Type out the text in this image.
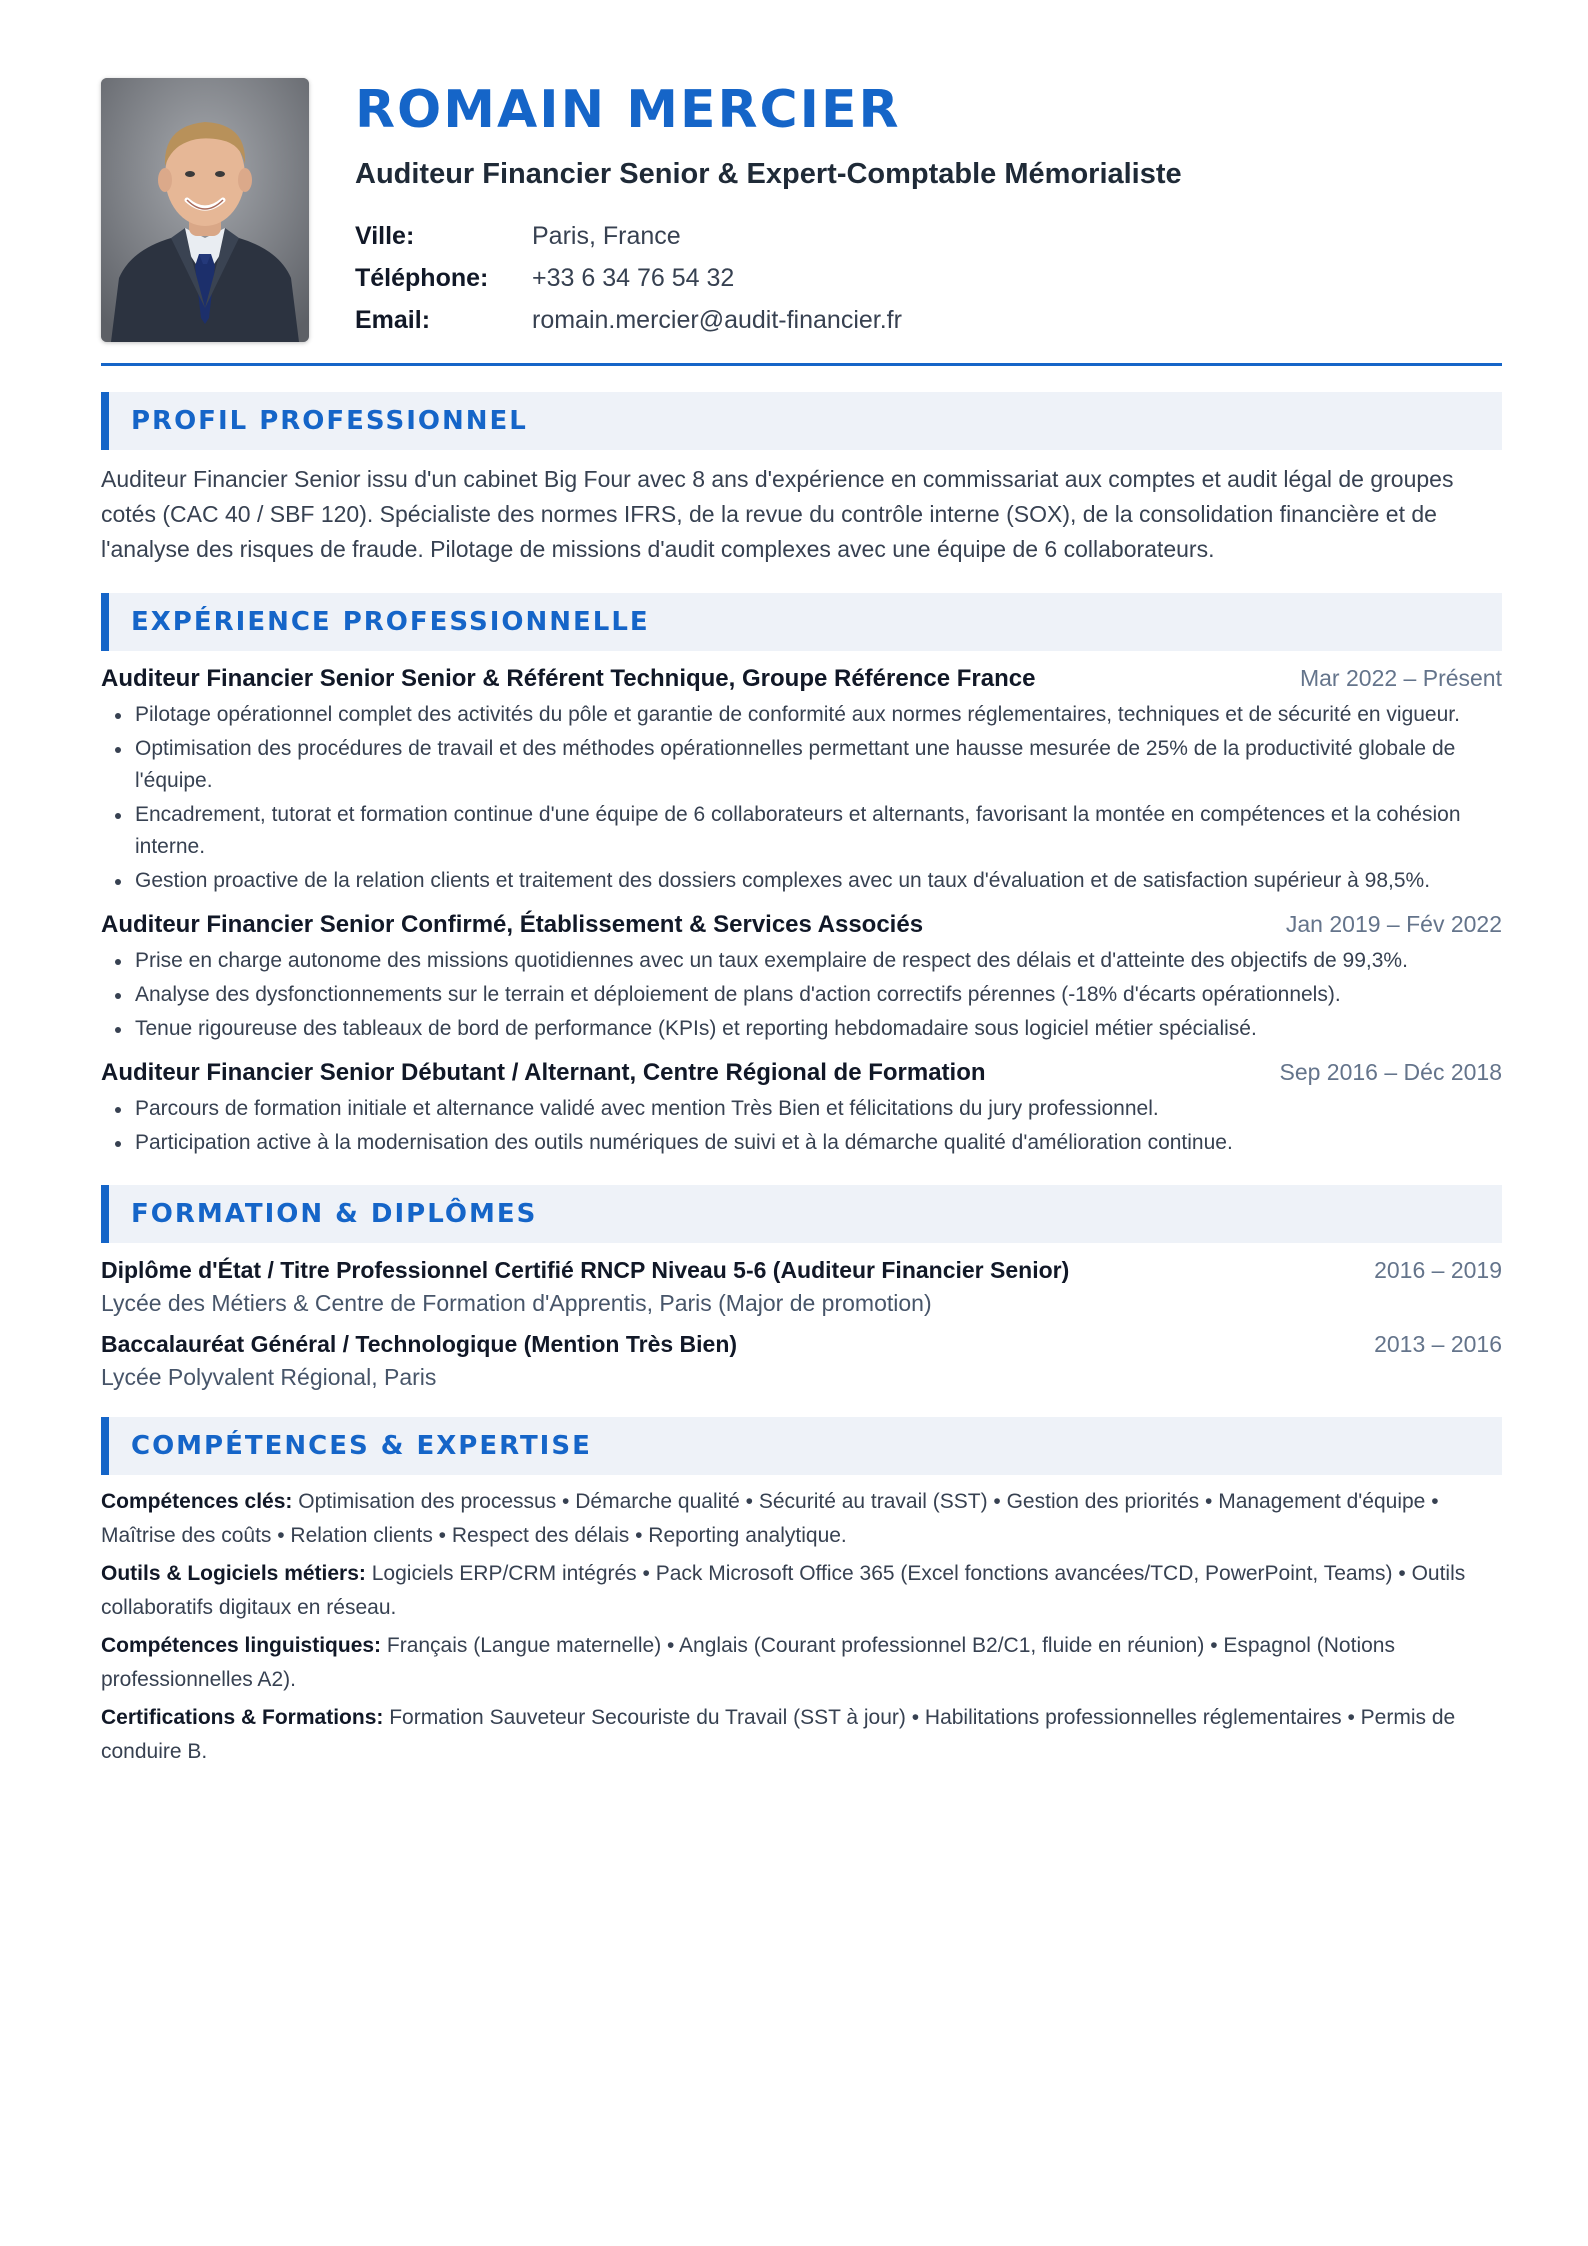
ROMAIN MERCIER
Auditeur Financier Senior & Expert-Comptable Mémorialiste
Ville:	Paris, France
Téléphone:	+33 6 34 76 54 32
Email:	romain.mercier@audit-financier.fr
PROFIL PROFESSIONNEL

Auditeur Financier Senior issu d'un cabinet Big Four avec 8 ans d'expérience en commissariat aux comptes et audit légal de groupes cotés (CAC 40 / SBF 120). Spécialiste des normes IFRS, de la revue du contrôle interne (SOX), de la consolidation financière et de l'analyse des risques de fraude. Pilotage de missions d'audit complexes avec une équipe de 6 collaborateurs.

EXPÉRIENCE PROFESSIONNELLE
Auditeur Financier Senior Senior & Référent Technique, Groupe Référence France	Mar 2022 – Présent
Pilotage opérationnel complet des activités du pôle et garantie de conformité aux normes réglementaires, techniques et de sécurité en vigueur.
Optimisation des procédures de travail et des méthodes opérationnelles permettant une hausse mesurée de 25% de la productivité globale de l'équipe.
Encadrement, tutorat et formation continue d'une équipe de 6 collaborateurs et alternants, favorisant la montée en compétences et la cohésion interne.
Gestion proactive de la relation clients et traitement des dossiers complexes avec un taux d'évaluation et de satisfaction supérieur à 98,5%.
Auditeur Financier Senior Confirmé, Établissement & Services Associés	Jan 2019 – Fév 2022
Prise en charge autonome des missions quotidiennes avec un taux exemplaire de respect des délais et d'atteinte des objectifs de 99,3%.
Analyse des dysfonctionnements sur le terrain et déploiement de plans d'action correctifs pérennes (-18% d'écarts opérationnels).
Tenue rigoureuse des tableaux de bord de performance (KPIs) et reporting hebdomadaire sous logiciel métier spécialisé.
Auditeur Financier Senior Débutant / Alternant, Centre Régional de Formation	Sep 2016 – Déc 2018
Parcours de formation initiale et alternance validé avec mention Très Bien et félicitations du jury professionnel.
Participation active à la modernisation des outils numériques de suivi et à la démarche qualité d'amélioration continue.
FORMATION & DIPLÔMES
Diplôme d'État / Titre Professionnel Certifié RNCP Niveau 5-6 (Auditeur Financier Senior)	2016 – 2019
Lycée des Métiers & Centre de Formation d'Apprentis, Paris (Major de promotion)
Baccalauréat Général / Technologique (Mention Très Bien)	2013 – 2016
Lycée Polyvalent Régional, Paris
COMPÉTENCES & EXPERTISE

Compétences clés: Optimisation des processus • Démarche qualité • Sécurité au travail (SST) • Gestion des priorités • Management d'équipe • Maîtrise des coûts • Relation clients • Respect des délais • Reporting analytique.

Outils & Logiciels métiers: Logiciels ERP/CRM intégrés • Pack Microsoft Office 365 (Excel fonctions avancées/TCD, PowerPoint, Teams) • Outils collaboratifs digitaux en réseau.

Compétences linguistiques: Français (Langue maternelle) • Anglais (Courant professionnel B2/C1, fluide en réunion) • Espagnol (Notions professionnelles A2).

Certifications & Formations: Formation Sauveteur Secouriste du Travail (SST à jour) • Habilitations professionnelles réglementaires • Permis de conduire B.
